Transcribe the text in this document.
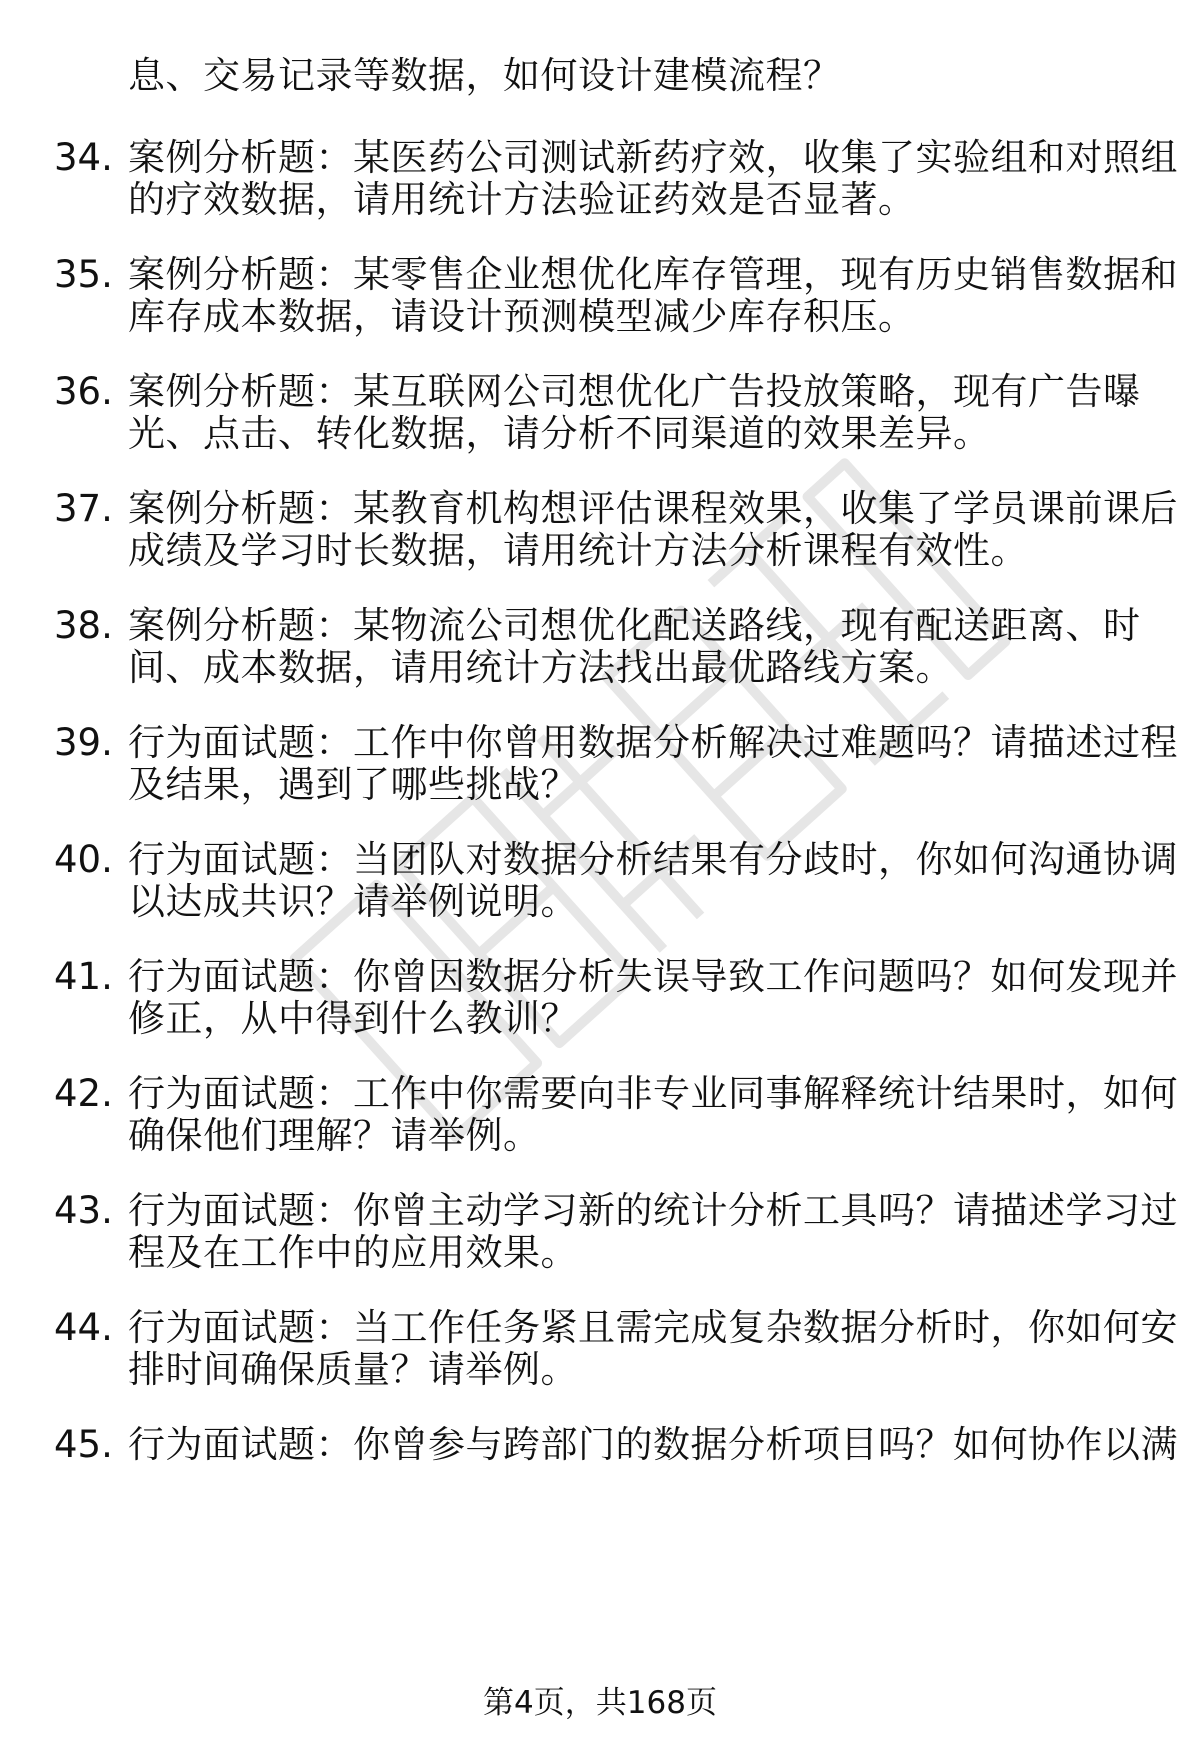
息、交易记录等数据，如何设计建模流程？
34. 案例分析题：某医药公司测试新药疗效，收集了实验组和对照组
的疗效数据，请用统计方法验证药效是否显著。
35. 案例分析题：某零售企业想优化库存管理，现有历史销售数据和
库存成本数据，请设计预测模型减少库存积压。
36. 案例分析题：某互联网公司想优化广告投放策略，现有广告曝
光、点击、转化数据，请分析不同渠道的效果差异。
37. 案例分析题：某教育机构想评估课程效果，收集了学员课前课后
成绩及学习时长数据，请用统计方法分析课程有效性。
38. 案例分析题：某物流公司想优化配送路线，现有配送距离、时
间、成本数据，请用统计方法找出最优路线方案。
39. 行为面试题：工作中你曾用数据分析解决过难题吗？请描述过程
及结果，遇到了哪些挑战？
40. 行为面试题：当团队对数据分析结果有分歧时，你如何沟通协调
以达成共识？请举例说明。
41. 行为面试题：你曾因数据分析失误导致工作问题吗？如何发现并
修正，从中得到什么教训？
42. 行为面试题：工作中你需要向非专业同事解释统计结果时，如何
确保他们理解？请举例。
43. 行为面试题：你曾主动学习新的统计分析工具吗？请描述学习过
程及在工作中的应用效果。
44. 行为面试题：当工作任务紧且需完成复杂数据分析时，你如何安
排时间确保质量？请举例。
45. 行为面试题：你曾参与跨部门的数据分析项目吗？如何协作以满
第4页，共168页
